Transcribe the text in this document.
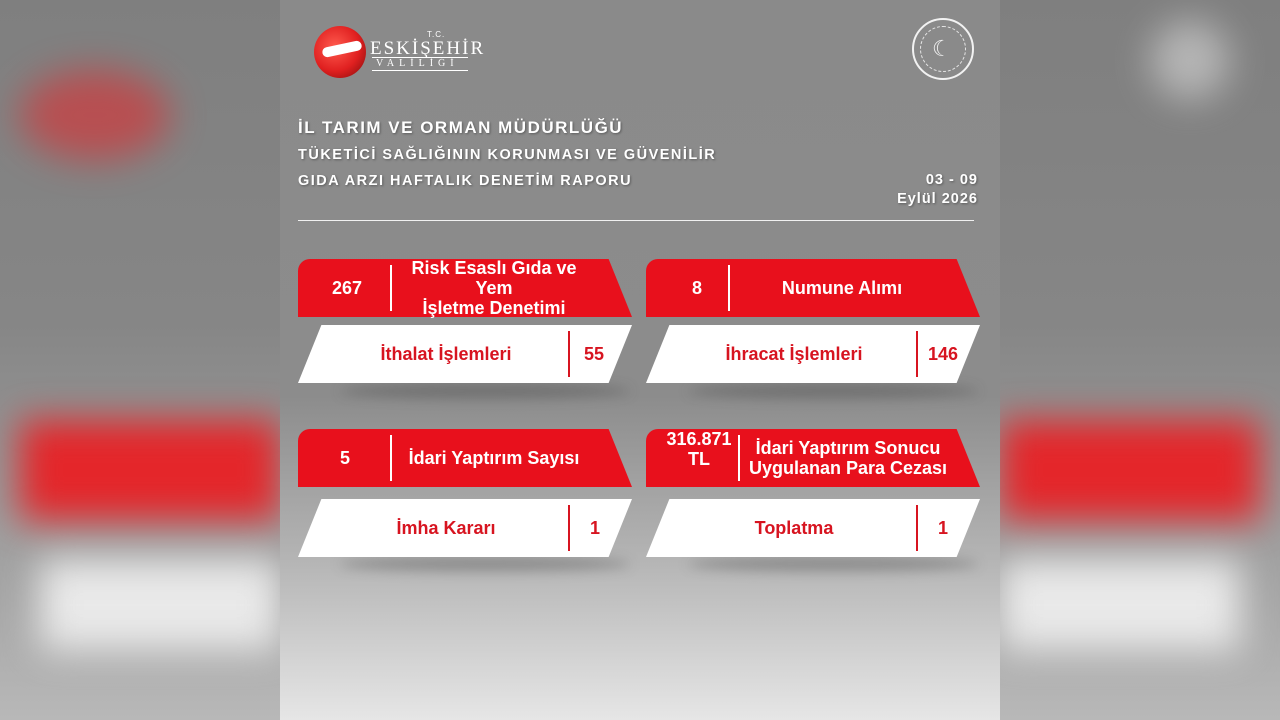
T.C.
ESKİŞEHİR
VALİLİĞİ
☾
İL TARIM VE ORMAN MÜDÜRLÜĞÜ
TÜKETİCİ SAĞLIĞININ KORUNMASI VE GÜVENİLİR
GIDA ARZI HAFTALIK DENETİM RAPORU	03 - 09
Eylül 2026
267
Risk Esaslı Gıda ve Yem
İşletme Denetimi
8	Numune Alımı
İthalat İşlemleri	55	İhracat İşlemleri	146
5	İdari Yaptırım Sayısı
316.871
TL
İdari Yaptırım Sonucu
Uygulanan Para Cezası
İmha Kararı	1	Toplatma	1
